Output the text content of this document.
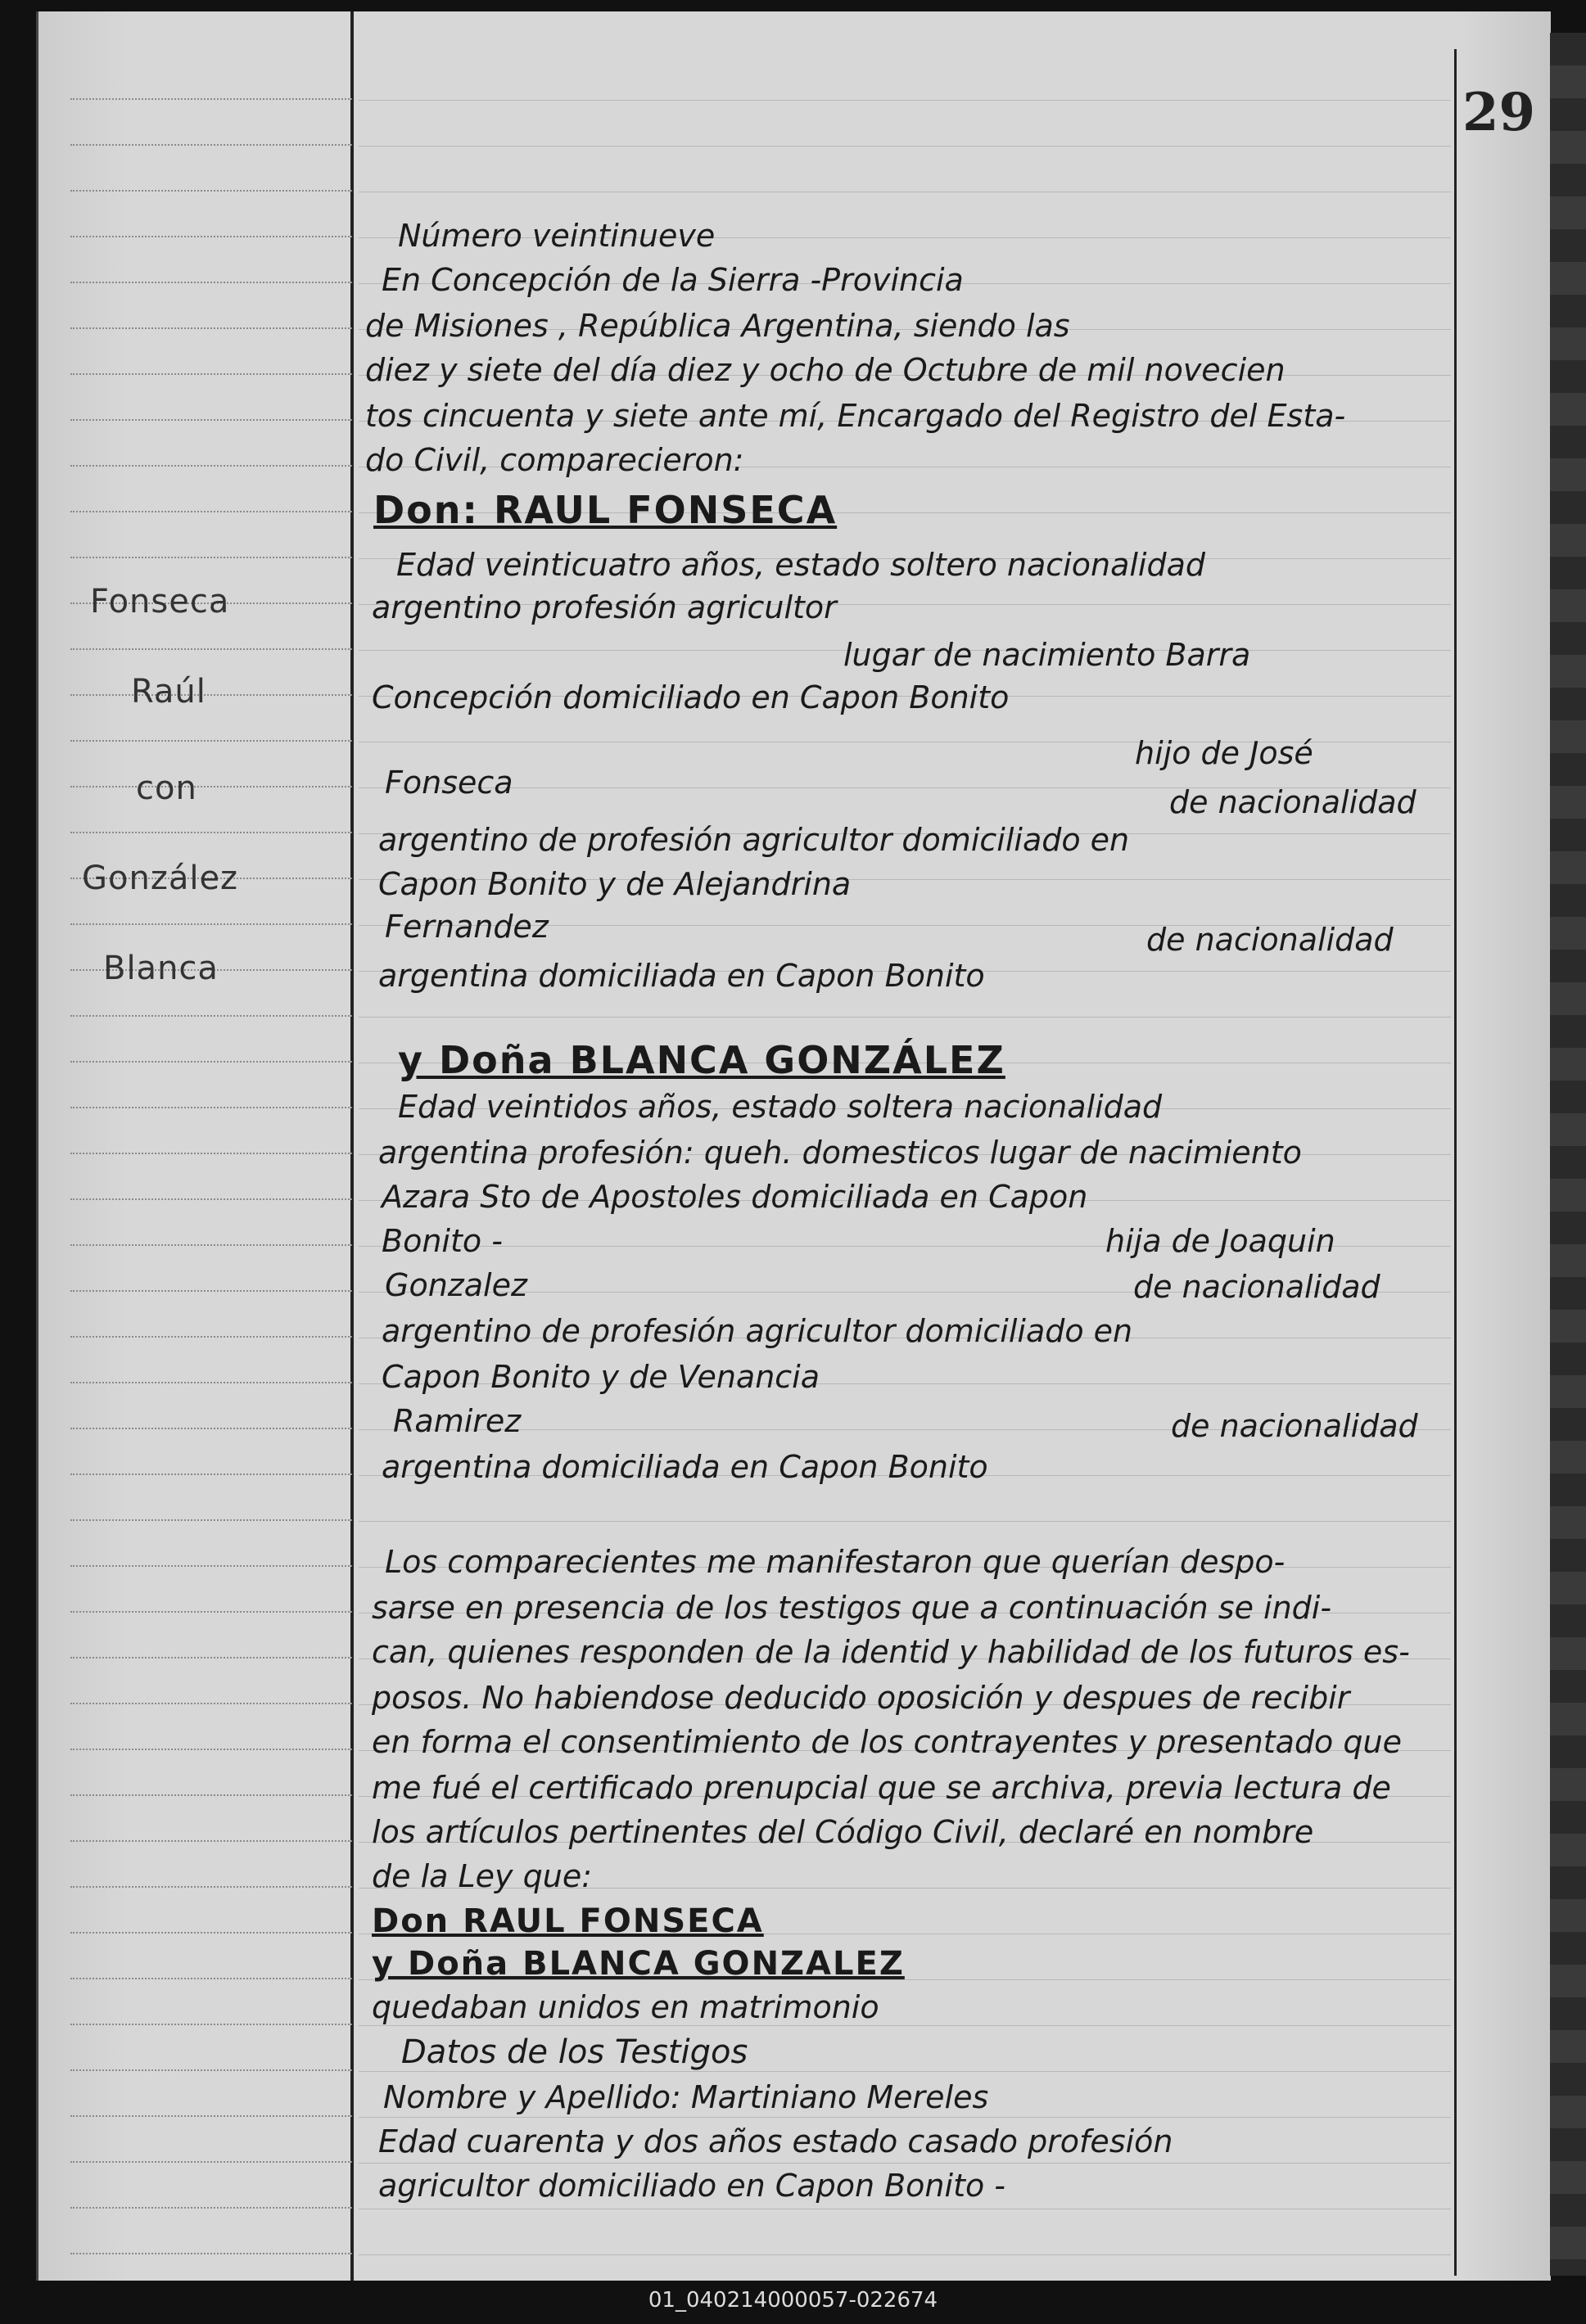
29
Fonseca
Raúl
con
González
Blanca
Número veintinueve
En Concepción de la Sierra -Provincia
de Misiones , República Argentina, siendo las
diez y siete del día diez y ocho de Octubre de mil novecien
tos cincuenta y siete ante mí, Encargado del Registro del Esta-
do Civil, comparecieron:
Don: RAUL FONSECA
Edad veinticuatro años, estado soltero nacionalidad
argentino profesión agricultor
lugar de nacimiento Barra
Concepción domiciliado en Capon Bonito
hijo de José
Fonseca
de nacionalidad
argentino de profesión agricultor domiciliado en
Capon Bonito y de Alejandrina
Fernandez	de nacionalidad
argentina domiciliada en Capon Bonito
y Doña BLANCA GONZÁLEZ
Edad veintidos años, estado soltera nacionalidad
argentina profesión: queh. domesticos lugar de nacimiento
Azara Sto de Apostoles domiciliada en Capon
Bonito -	hija de Joaquin
Gonzalez	de nacionalidad
argentino de profesión agricultor domiciliado en
Capon Bonito y de Venancia
Ramirez	de nacionalidad
argentina domiciliada en Capon Bonito
Los comparecientes me manifestaron que querían despo-
sarse en presencia de los testigos que a continuación se indi-
can, quienes responden de la identid y habilidad de los futuros es-
posos. No habiendose deducido oposición y despues de recibir
en forma el consentimiento de los contrayentes y presentado que
me fué el certificado prenupcial que se archiva, previa lectura de
los artículos pertinentes del Código Civil, declaré en nombre
de la Ley que:
Don RAUL FONSECA
y Doña BLANCA GONZALEZ
quedaban unidos en matrimonio
Datos de los Testigos
Nombre y Apellido: Martiniano Mereles
Edad cuarenta y dos años estado casado profesión
agricultor domiciliado en Capon Bonito -
01_040214000057-022674
